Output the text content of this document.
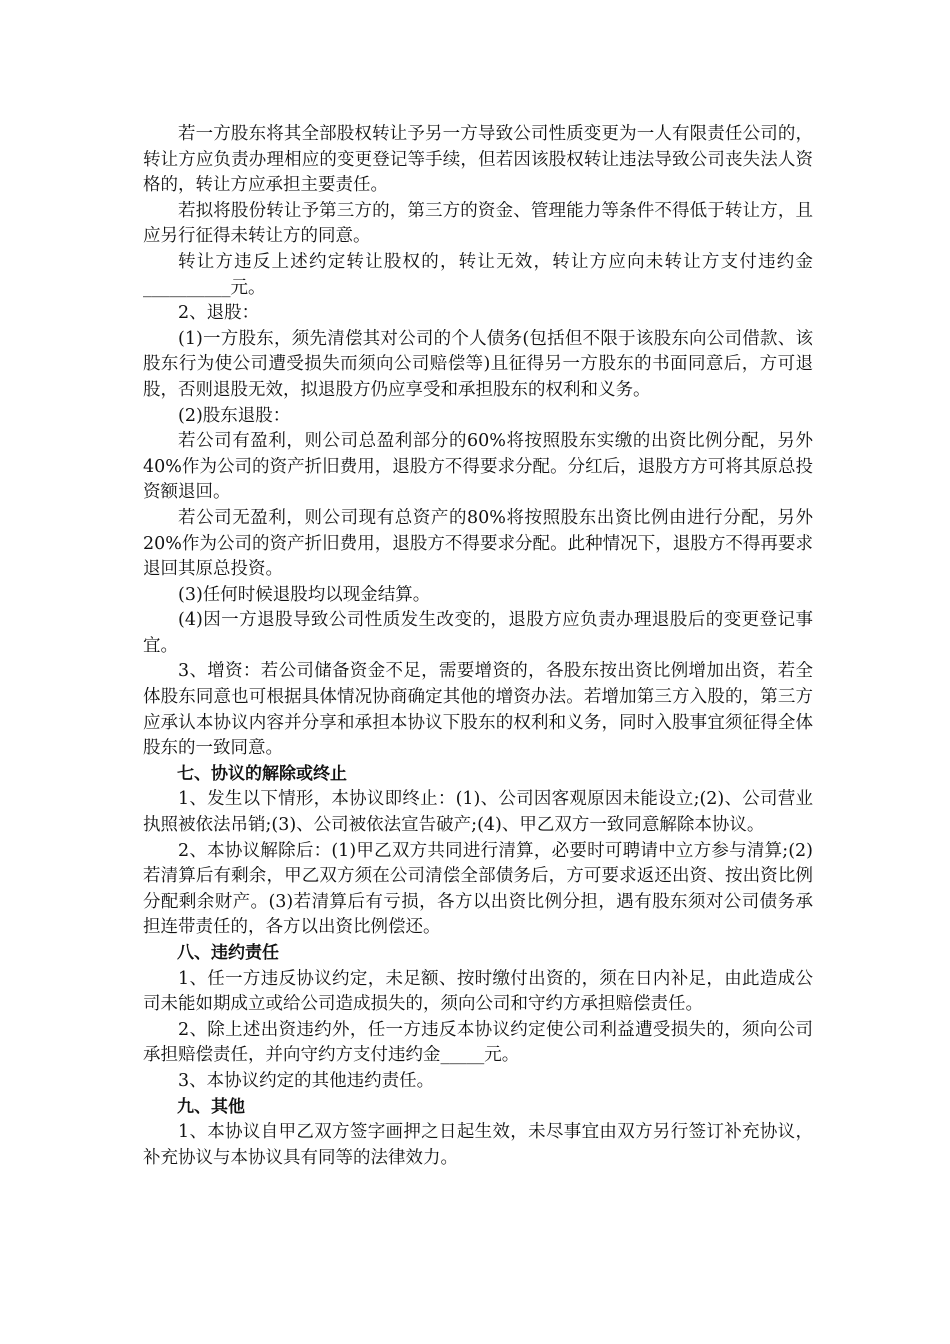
若一方股东将其全部股权转让予另一方导致公司性质变更为一人有限责任公司的，转让方应负责办理相应的变更登记等手续，但若因该股权转让违法导致公司丧失法人资格的，转让方应承担主要责任。

若拟将股份转让予第三方的，第三方的资金、管理能力等条件不得低于转让方，且应另行征得未转让方的同意。

转让方违反上述约定转让股权的，转让无效，转让方应向未转让方支付违约金__________元。

2、退股：

(1)一方股东，须先清偿其对公司的个人债务(包括但不限于该股东向公司借款、该股东行为使公司遭受损失而须向公司赔偿等)且征得另一方股东的书面同意后，方可退股，否则退股无效，拟退股方仍应享受和承担股东的权利和义务。

(2)股东退股：

若公司有盈利，则公司总盈利部分的60%将按照股东实缴的出资比例分配，另外40%作为公司的资产折旧费用，退股方不得要求分配。分红后，退股方方可将其原总投资额退回。

若公司无盈利，则公司现有总资产的80%将按照股东出资比例由进行分配，另外20%作为公司的资产折旧费用，退股方不得要求分配。此种情况下，退股方不得再要求退回其原总投资。

(3)任何时候退股均以现金结算。

(4)因一方退股导致公司性质发生改变的，退股方应负责办理退股后的变更登记事宜。

3、增资：若公司储备资金不足，需要增资的，各股东按出资比例增加出资，若全体股东同意也可根据具体情况协商确定其他的增资办法。若增加第三方入股的，第三方应承认本协议内容并分享和承担本协议下股东的权利和义务，同时入股事宜须征得全体股东的一致同意。

七、协议的解除或终止

1、发生以下情形，本协议即终止：(1)、公司因客观原因未能设立;(2)、公司营业执照被依法吊销;(3)、公司被依法宣告破产;(4)、甲乙双方一致同意解除本协议。

2、本协议解除后：(1)甲乙双方共同进行清算，必要时可聘请中立方参与清算;(2)若清算后有剩余，甲乙双方须在公司清偿全部债务后，方可要求返还出资、按出资比例分配剩余财产。(3)若清算后有亏损，各方以出资比例分担，遇有股东须对公司债务承担连带责任的，各方以出资比例偿还。

八、违约责任

1、任一方违反协议约定，未足额、按时缴付出资的，须在日内补足，由此造成公司未能如期成立或给公司造成损失的，须向公司和守约方承担赔偿责任。

2、除上述出资违约外，任一方违反本协议约定使公司利益遭受损失的，须向公司承担赔偿责任，并向守约方支付违约金_____元。

3、本协议约定的其他违约责任。

九、其他

1、本协议自甲乙双方签字画押之日起生效，未尽事宜由双方另行签订补充协议，补充协议与本协议具有同等的法律效力。
